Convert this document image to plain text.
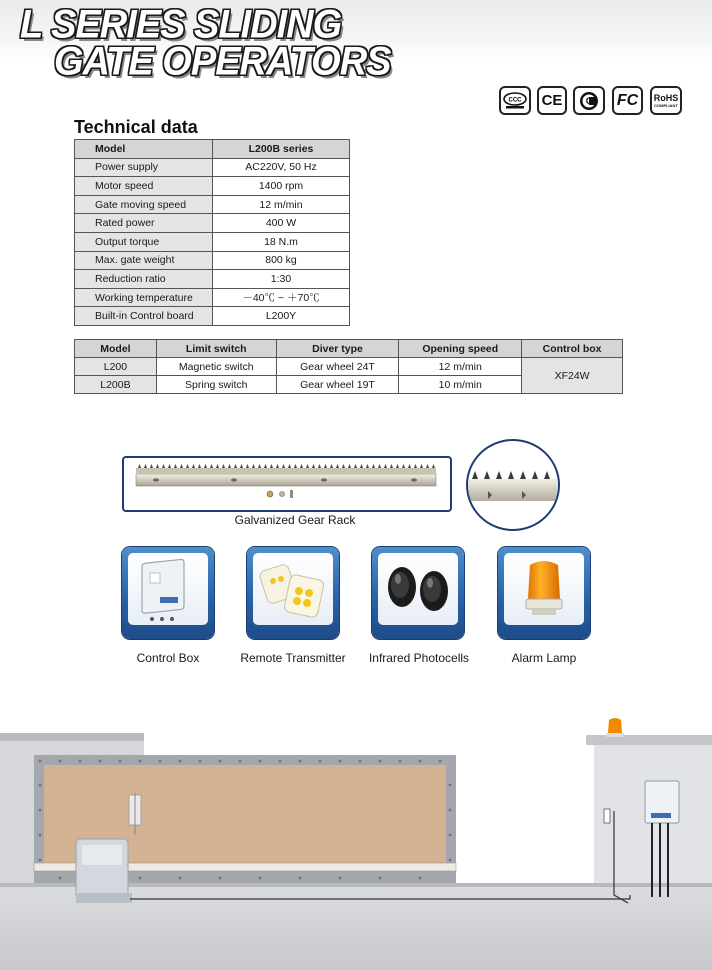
L SERIES SLIDING
GATE OPERATORS
CCC CE	C FC RoHS
COMPLIANT
Technical data
Model	L200B series
Power supply	AC220V, 50 Hz
Motor speed	1400 rpm
Gate moving speed	12 m/min
Rated power	400 W
Output torque	18 N.m
Max. gate weight	800 kg
Reduction ratio	1:30
Working temperature	－40℃ ~ ＋70℃
Built-in Control board	L200Y
Model	Limit switch	Diver type	Opening speed	Control box
L200	Magnetic switch	Gear wheel 24T	12 m/min	XF24W
L200B	Spring switch	Gear wheel 19T	10 m/min	
Galvanized Gear Rack
Control Box	Remote Transmitter	Infrared Photocells	Alarm Lamp
